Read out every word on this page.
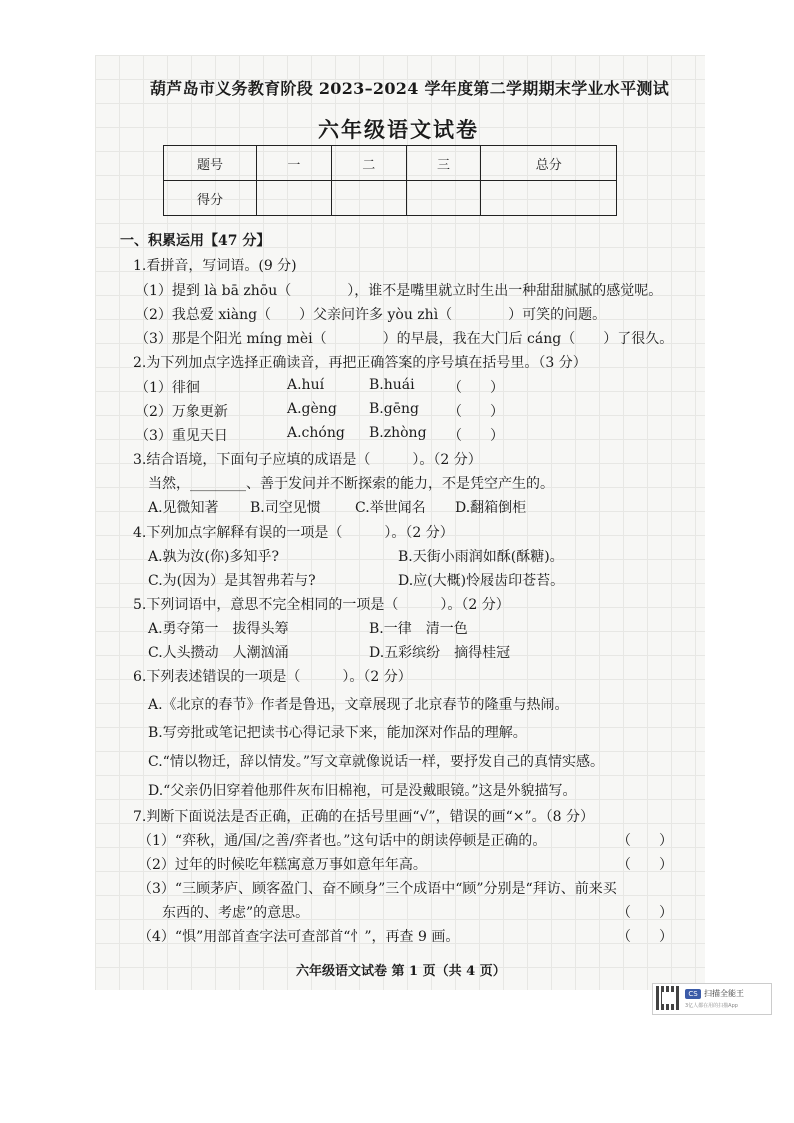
葫芦岛市义务教育阶段 2023–2024 学年度第二学期期末学业水平测试
六年级语文试卷
题号	一	二	三	总分
得分				
一、积累运用【47 分】
1.看拼音，写词语。(9 分)
（1）提到 là bā zhōu（　　　　），谁不是嘴里就立时生出一种甜甜腻腻的感觉呢。
（2）我总爱 xiàng（　　）父亲问许多 yòu zhì（　　　　）可笑的问题。
（3）那是个阳光 míng mèi（　　　　）的早晨，我在大门后 cáng（　　）了很久。
2.为下列加点字选择正确读音，再把正确答案的序号填在括号里。（3 分）
（1）徘徊	A.huí	B.huái （　　）
（2）万象更新	A.gèng B.gēng （　　）
（3）重见天日	A.chóng B.zhòng （　　）
3.结合语境，下面句子应填的成语是（　　　）。（2 分）
当然，________、善于发问并不断探索的能力，不是凭空产生的。
A.见微知著 B.司空见惯 C.举世闻名 D.翻箱倒柜
4.下列加点字解释有误的一项是（　　　）。（2 分）
A.孰为汝(你)多知乎?	B.天街小雨润如酥(酥糖)。
C.为(因为）是其智弗若与?	D.应(大概)怜屐齿印苍苔。
5.下列词语中，意思不完全相同的一项是（　　　）。（2 分）
A.勇夺第一　拔得头筹	B.一律　清一色
C.人头攒动　人潮汹涌	D.五彩缤纷　摘得桂冠
6.下列表述错误的一项是（　　　）。（2 分）
A.《北京的春节》作者是鲁迅，文章展现了北京春节的隆重与热闹。
B.写旁批或笔记把读书心得记录下来，能加深对作品的理解。
C.“情以物迁，辞以情发。”写文章就像说话一样，要抒发自己的真情实感。
D.“父亲仍旧穿着他那件灰布旧棉袍，可是没戴眼镜。”这是外貌描写。
7.判断下面说法是否正确，正确的在括号里画“√”，错误的画“×”。（8 分）
（1）“弈秋，通/国/之善/弈者也。”这句话中的朗读停顿是正确的。	（　　）
（2）过年的时候吃年糕寓意万事如意年年高。	（　　）
（3）“三顾茅庐、顾客盈门、奋不顾身”三个成语中“顾”分别是“拜访、前来买
东西的、考虑”的意思。	（　　）
（4）“惧”用部首查字法可查部首“忄”，再查 9 画。	（　　）
六年级语文试卷 第 1 页（共 4 页）
CS 扫描全能王
3亿人都在用的扫描App
